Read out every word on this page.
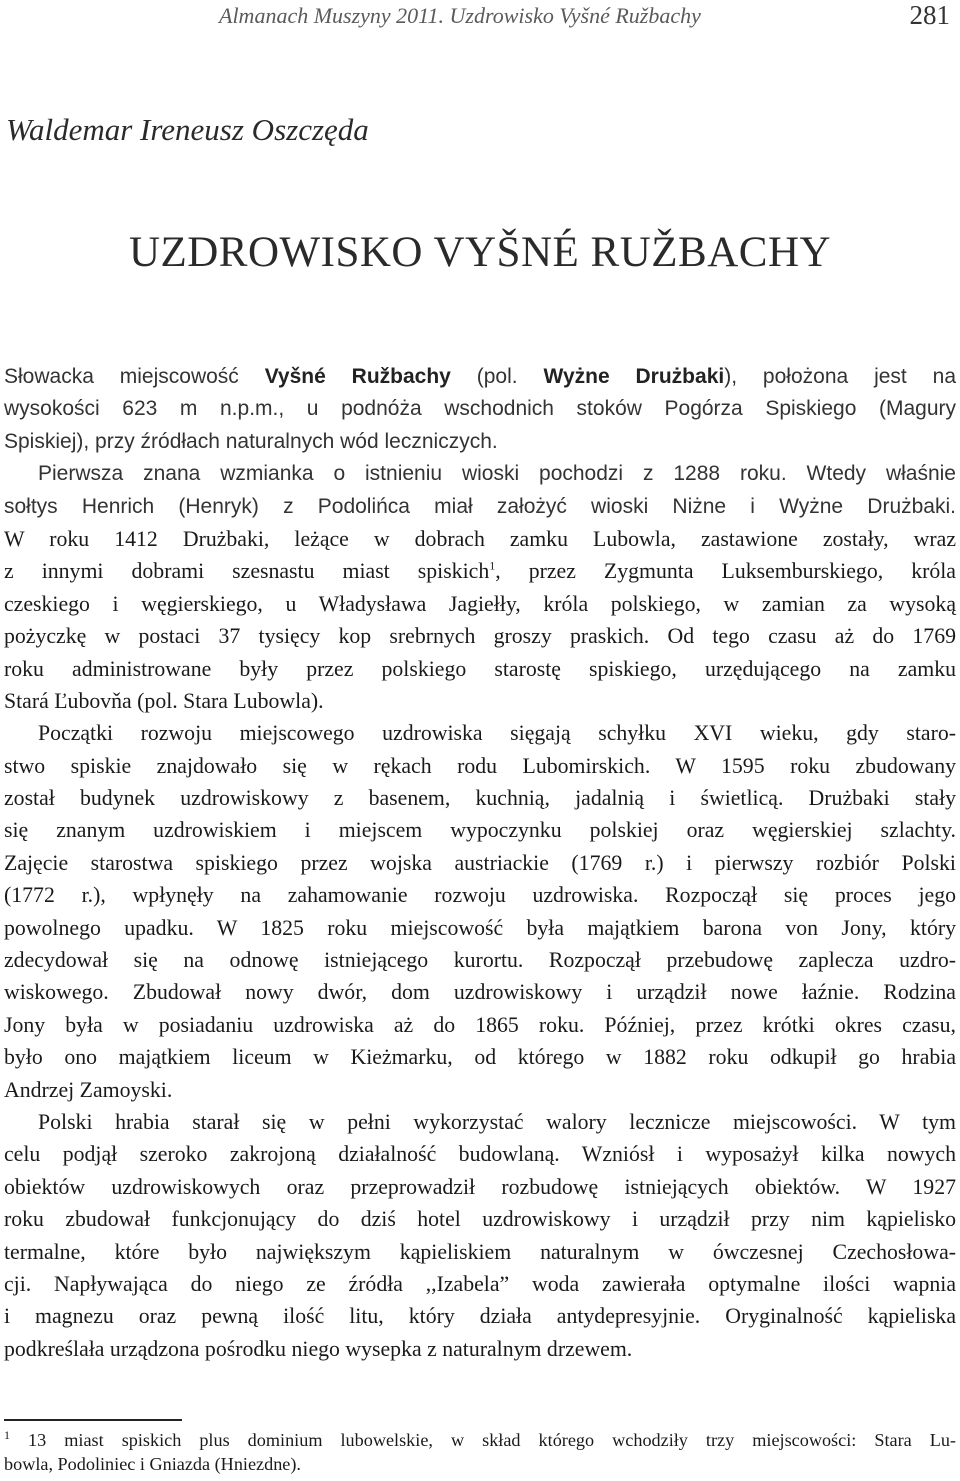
Almanach Muszyny 2011. Uzdrowisko Vyšné Ružbachy	281
Waldemar Ireneusz Oszczęda
UZDROWISKO VYŠNÉ RUŽBACHY
Słowacka miejscowość Vyšné Ružbachy (pol. Wyżne Drużbaki), położona jest na
wysokości 623 m n.p.m., u podnóża wschodnich stoków Pogórza Spiskiego (Magury
Spiskiej), przy źródłach naturalnych wód leczniczych.
Pierwsza znana wzmianka o istnieniu wioski pochodzi z 1288 roku. Wtedy właśnie
sołtys Henrich (Henryk) z Podolińca miał założyć wioski Niżne i Wyżne Drużbaki.
W roku 1412 Drużbaki, leżące w dobrach zamku Lubowla, zastawione zostały, wraz
z innymi dobrami szesnastu miast spiskich$^1$, przez Zygmunta Luksemburskiego, króla
czeskiego i węgierskiego, u Władysława Jagiełły, króla polskiego, w zamian za wysoką
pożyczkę w postaci 37 tysięcy kop srebrnych groszy praskich. Od tego czasu aż do 1769
roku administrowane były przez polskiego starostę spiskiego, urzędującego na zamku
Stará Ľubovňa (pol. Stara Lubowla).
Początki rozwoju miejscowego uzdrowiska sięgają schyłku XVI wieku, gdy staro-
stwo spiskie znajdowało się w rękach rodu Lubomirskich. W 1595 roku zbudowany
został budynek uzdrowiskowy z basenem, kuchnią, jadalnią i świetlicą. Drużbaki stały
się znanym uzdrowiskiem i miejscem wypoczynku polskiej oraz węgierskiej szlachty.
Zajęcie starostwa spiskiego przez wojska austriackie (1769 r.) i pierwszy rozbiór Polski
(1772 r.), wpłynęły na zahamowanie rozwoju uzdrowiska. Rozpoczął się proces jego
powolnego upadku. W 1825 roku miejscowość była majątkiem barona von Jony, który
zdecydował się na odnowę istniejącego kurortu. Rozpoczął przebudowę zaplecza uzdro-
wiskowego. Zbudował nowy dwór, dom uzdrowiskowy i urządził nowe łaźnie. Rodzina
Jony była w posiadaniu uzdrowiska aż do 1865 roku. Później, przez krótki okres czasu,
było ono majątkiem liceum w Kieżmarku, od którego w 1882 roku odkupił go hrabia
Andrzej Zamoyski.
Polski hrabia starał się w pełni wykorzystać walory lecznicze miejscowości. W tym
celu podjął szeroko zakrojoną działalność budowlaną. Wzniósł i wyposażył kilka nowych
obiektów uzdrowiskowych oraz przeprowadził rozbudowę istniejących obiektów. W 1927
roku zbudował funkcjonujący do dziś hotel uzdrowiskowy i urządził przy nim kąpielisko
termalne, które było największym kąpieliskiem naturalnym w ówczesnej Czechosłowa-
cji. Napływająca do niego ze źródła ,,Izabela” woda zawierała optymalne ilości wapnia
i magnezu oraz pewną ilość litu, który działa antydepresyjnie. Oryginalność kąpieliska
podkreślała urządzona pośrodku niego wysepka z naturalnym drzewem.
$^1$ 13 miast spiskich plus dominium lubowelskie, w skład którego wchodziły trzy miejscowości: Stara Lu-
bowla, Podoliniec i Gniazda (Hniezdne).
